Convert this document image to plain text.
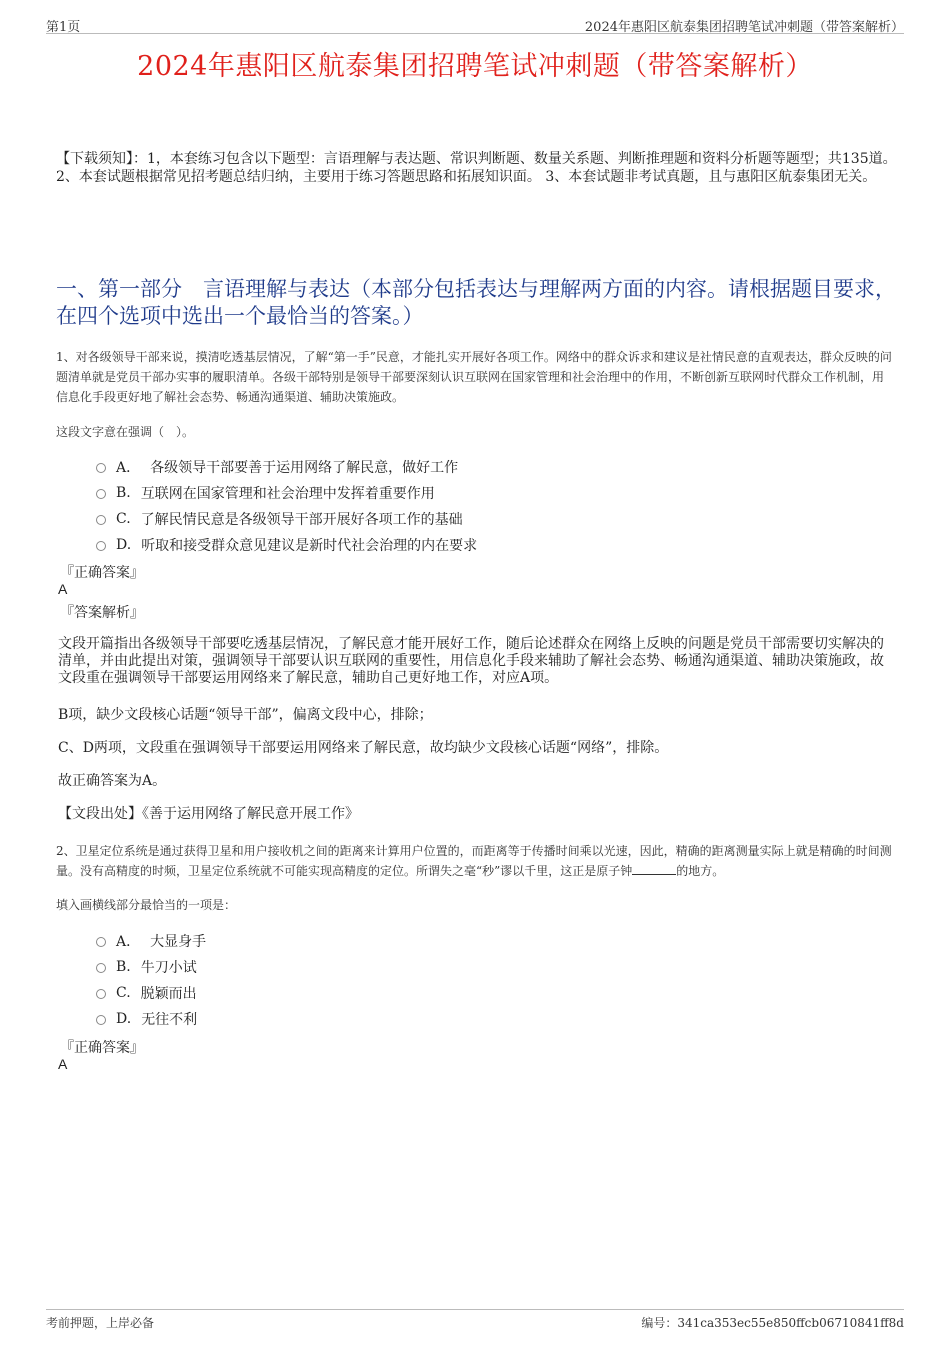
第1页	2024年惠阳区航泰集团招聘笔试冲刺题（带答案解析）
2024年惠阳区航泰集团招聘笔试冲刺题（带答案解析）
【下载须知】：1，本套练习包含以下题型：言语理解与表达题、常识判断题、数量关系题、判断推理题和资料分析题等题型；共135道。 2、本套试题根据常见招考题总结归纳，主要用于练习答题思路和拓展知识面。 3、本套试题非考试真题，且与惠阳区航泰集团无关。
一、第一部分　言语理解与表达（本部分包括表达与理解两方面的内容。请根据题目要求，在四个选项中选出一个最恰当的答案。）
1、对各级领导干部来说，摸清吃透基层情况，了解“第一手”民意，才能扎实开展好各项工作。网络中的群众诉求和建议是社情民意的直观表达，群众反映的问题清单就是党员干部办实事的履职清单。各级干部特别是领导干部要深刻认识互联网在国家管理和社会治理中的作用，不断创新互联网时代群众工作机制，用信息化手段更好地了解社会态势、畅通沟通渠道、辅助决策施政。
这段文字意在强调（　）。
A． 各级领导干部要善于运用网络了解民意，做好工作
B. 互联网在国家管理和社会治理中发挥着重要作用
C. 了解民情民意是各级领导干部开展好各项工作的基础
D. 听取和接受群众意见建议是新时代社会治理的内在要求
『正确答案』
A
『答案解析』
文段开篇指出各级领导干部要吃透基层情况，了解民意才能开展好工作，随后论述群众在网络上反映的问题是党员干部需要切实解决的清单，并由此提出对策，强调领导干部要认识互联网的重要性，用信息化手段来辅助了解社会态势、畅通沟通渠道、辅助决策施政，故文段重在强调领导干部要运用网络来了解民意，辅助自己更好地工作，对应A项。
B项，缺少文段核心话题“领导干部”，偏离文段中心，排除；
C、D两项，文段重在强调领导干部要运用网络来了解民意，故均缺少文段核心话题“网络”，排除。
故正确答案为A。
【文段出处】《善于运用网络了解民意开展工作》
2、卫星定位系统是通过获得卫星和用户接收机之间的距离来计算用户位置的，而距离等于传播时间乘以光速，因此，精确的距离测量实际上就是精确的时间测量。没有高精度的时频，卫星定位系统就不可能实现高精度的定位。所谓失之毫“秒”谬以千里，这正是原子钟	的地方。
填入画横线部分最恰当的一项是：
A． 大显身手
B. 牛刀小试
C. 脱颖而出
D. 无往不利
『正确答案』
A
考前押题，上岸必备	编号：341ca353ec55e850ffcb06710841ff8d
